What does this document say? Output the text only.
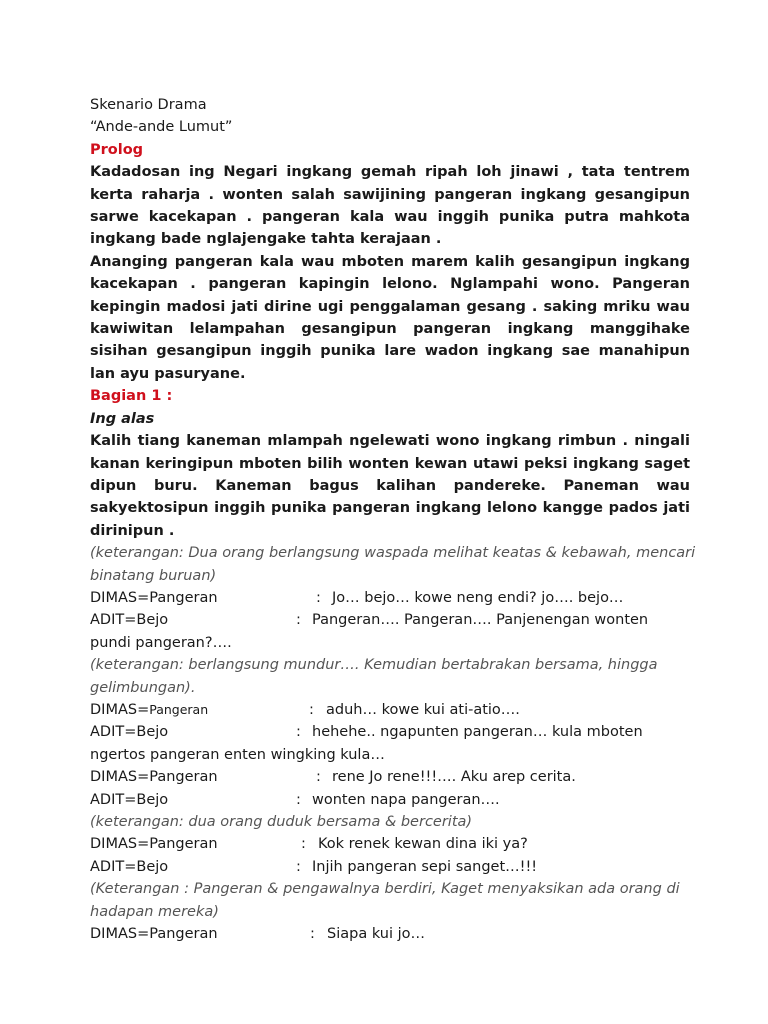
Skenario Drama
“Ande-ande Lumut”
Prolog
Kadadosan ing Negari ingkang gemah ripah loh jinawi , tata tentrem kerta raharja . wonten salah sawijining pangeran ingkang gesangipun sarwe kacekapan . pangeran kala wau inggih punika putra mahkota ingkang bade nglajengake tahta kerajaan .
Ananging pangeran kala wau mboten marem kalih gesangipun ingkang kacekapan . pangeran kapingin lelono. Nglampahi wono. Pangeran kepingin madosi jati dirine ugi penggalaman gesang . saking mriku wau kawiwitan lelampahan gesangipun pangeran ingkang manggihake sisihan gesangipun inggih punika lare wadon ingkang sae manahipun lan ayu pasuryane.
Bagian 1 :
Ing alas
Kalih tiang kaneman mlampah ngelewati wono ingkang rimbun . ningali kanan keringipun mboten bilih wonten kewan utawi peksi ingkang saget dipun buru. Kaneman bagus kalihan pandereke. Paneman wau sakyektosipun inggih punika pangeran ingkang lelono kangge pados jati dirinipun .
(keterangan: Dua orang berlangsung waspada melihat keatas & kebawah, mencari
binatang buruan)
DIMAS=Pangeran	: Jo… bejo… kowe neng endi? jo…. bejo…
ADIT=Bejo	: Pangeran…. Pangeran…. Panjenengan wonten
pundi pangeran?….
(keterangan: berlangsung mundur…. Kemudian bertabrakan bersama, hingga
gelimbungan).
DIMAS=Pangeran	: aduh… kowe kui ati-atio….
ADIT=Bejo	: hehehe.. ngapunten pangeran… kula mboten
ngertos pangeran enten wingking kula…
DIMAS=Pangeran	: rene Jo rene!!!…. Aku arep cerita.
ADIT=Bejo	: wonten napa pangeran….
(keterangan: dua orang duduk bersama & bercerita)
DIMAS=Pangeran	: Kok renek kewan dina iki ya?
ADIT=Bejo	: Injih pangeran sepi sanget…!!!
(Keterangan : Pangeran & pengawalnya berdiri, Kaget menyaksikan ada orang di
hadapan mereka)
DIMAS=Pangeran	: Siapa kui jo…
